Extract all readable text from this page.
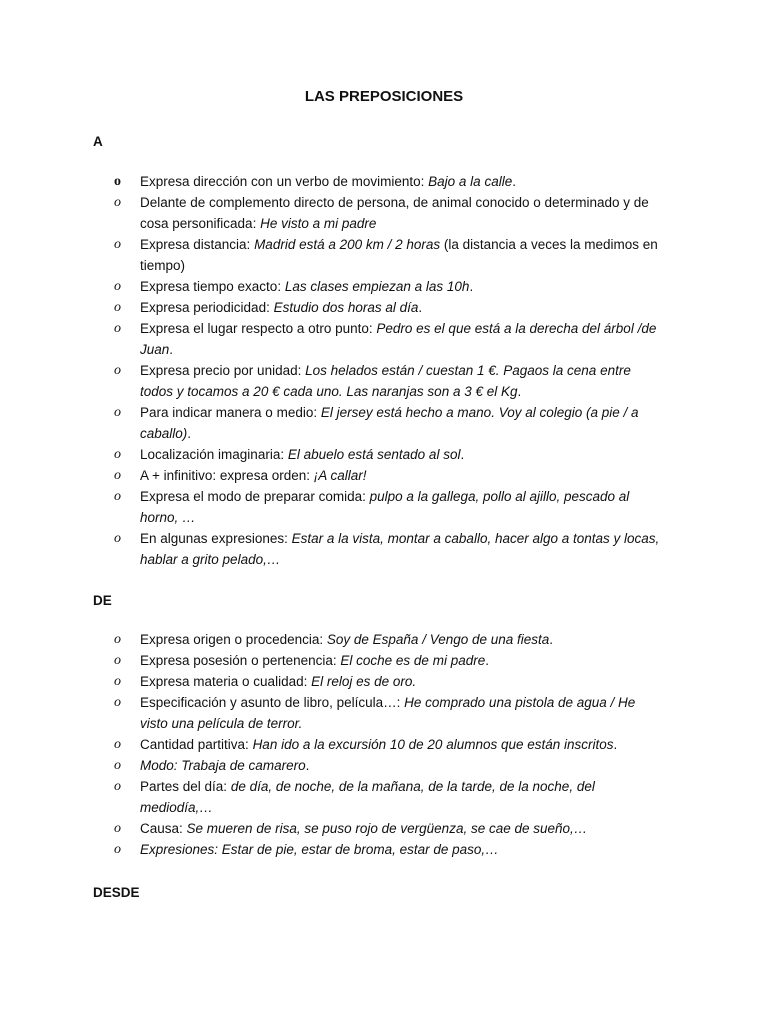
LAS PREPOSICIONES
A
o	Expresa dirección con un verbo de movimiento: Bajo a la calle.
o	Delante de complemento directo de persona, de animal conocido o determinado y de cosa personificada: He visto a mi padre
o	Expresa distancia: Madrid está a 200 km / 2 horas (la distancia a veces la medimos en tiempo)
o	Expresa tiempo exacto: Las clases empiezan a las 10h.
o	Expresa periodicidad: Estudio dos horas al día.
o	Expresa el lugar respecto a otro punto: Pedro es el que está a la derecha del árbol /de Juan.
o	Expresa precio por unidad: Los helados están / cuestan 1 €. Pagaos la cena entre todos y tocamos a 20 € cada uno. Las naranjas son a 3 € el Kg.
o	Para indicar manera o medio: El jersey está hecho a mano. Voy al colegio (a pie / a caballo).
o	Localización imaginaria: El abuelo está sentado al sol.
o	A + infinitivo: expresa orden: ¡A callar!
o	Expresa el modo de preparar comida: pulpo a la gallega, pollo al ajillo, pescado al horno, …
o	En algunas expresiones: Estar a la vista, montar a caballo, hacer algo a tontas y locas, hablar a grito pelado,…
DE
o	Expresa origen o procedencia: Soy de España / Vengo de una fiesta.
o	Expresa posesión o pertenencia: El coche es de mi padre.
o	Expresa materia o cualidad: El reloj es de oro.
o	Especificación y asunto de libro, película…: He comprado una pistola de agua / He visto una película de terror.
o	Cantidad partitiva: Han ido a la excursión 10 de 20 alumnos que están inscritos.
o	Modo: Trabaja de camarero.
o	Partes del día: de día, de noche, de la mañana, de la tarde, de la noche, del mediodía,…
o	Causa: Se mueren de risa, se puso rojo de vergüenza, se cae de sueño,…
o	Expresiones: Estar de pie, estar de broma, estar de paso,…
DESDE
